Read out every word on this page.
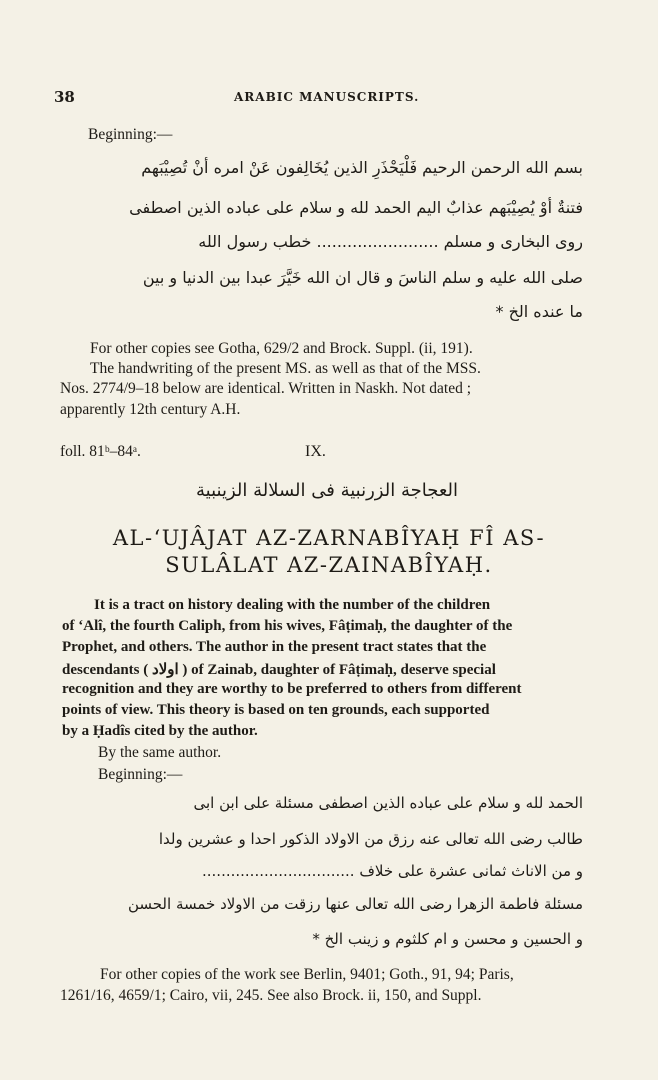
38	ARABIC MANUSCRIPTS.
Beginning:—
بسم الله الرحمن الرحيم فَلْيَحْذَرِ الذين يُخَالِفون عَنْ امره أنْ تُصِيْبَهم
فتنةٌ أوْ يُصِيْبَهم عذابٌ اليم الحمد لله و سلام على عباده الذين اصطفى
روى البخارى و مسلم ........................ خطب رسول الله
صلى الله عليه و سلم الناسَ و قال ان الله خَيَّرَ عبدا بين الدنيا و بين
ما عنده الخ *
For other copies see Gotha, 629/2 and Brock. Suppl. (ii, 191).
The handwriting of the present MS. as well as that of the MSS.
Nos. 2774/9–18 below are identical. Written in Naskh. Not dated ;
apparently 12th century A.H.
foll. 81ᵇ–84ᵃ.	IX.
العجاجة الزرنبية فى السلالة الزينبية
AL-‘UJÂJAT AZ-ZARNABÎYAḤ FÎ AS-
SULÂLAT AZ-ZAINABÎYAḤ.
It is a tract on history dealing with the number of the children
of ‘Alî, the fourth Caliph, from his wives, Fâṭimaḥ, the daughter of the
Prophet, and others. The author in the present tract states that the
descendants ( اولاد ) of Zainab, daughter of Fâṭimaḥ, deserve special
recognition and they are worthy to be preferred to others from different
points of view. This theory is based on ten grounds, each supported
by a Ḥadîs cited by the author.
By the same author.
Beginning:—
الحمد لله و سلام على عباده الذين اصطفى مسئلة على ابن ابى
طالب رضى الله تعالى عنه رزق من الاولاد الذكور احدا و عشرين ولدا
و من الاناث ثمانى عشرة على خلاف ................................
مسئلة فاطمة الزهرا رضى الله تعالى عنها رزقت من الاولاد خمسة الحسن
و الحسين و محسن و ام كلثوم و زينب الخ *
For other copies of the work see Berlin, 9401; Goth., 91, 94; Paris,
1261/16, 4659/1; Cairo, vii, 245. See also Brock. ii, 150, and Suppl.
